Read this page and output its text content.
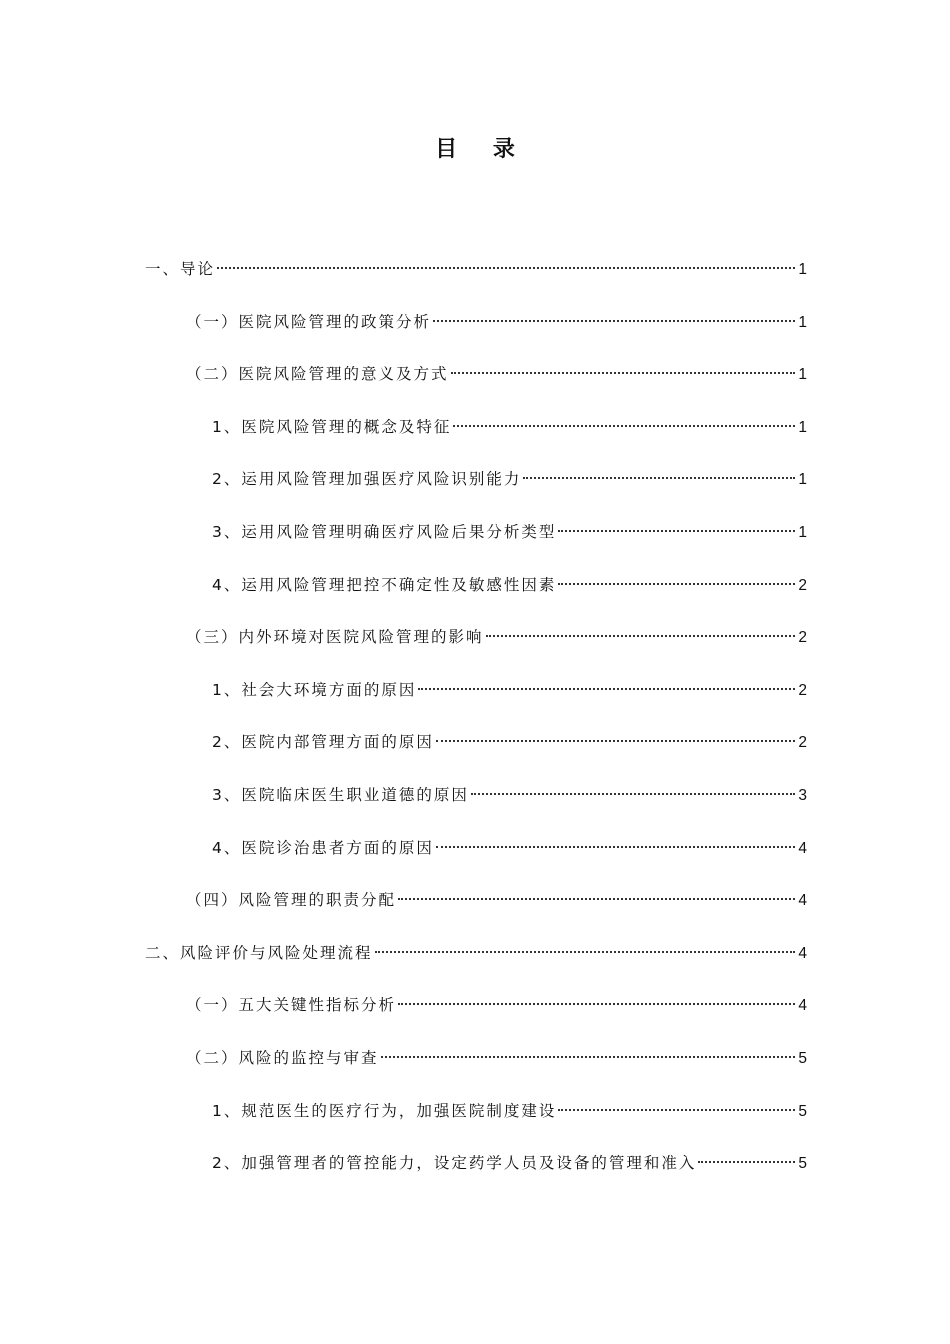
目 录
一、导论	1
（一）医院风险管理的政策分析	1
（二）医院风险管理的意义及方式	1
1、医院风险管理的概念及特征	1
2、运用风险管理加强医疗风险识别能力	1
3、运用风险管理明确医疗风险后果分析类型	1
4、运用风险管理把控不确定性及敏感性因素	2
（三）内外环境对医院风险管理的影响	2
1、社会大环境方面的原因	2
2、医院内部管理方面的原因	2
3、医院临床医生职业道德的原因	3
4、医院诊治患者方面的原因	4
（四）风险管理的职责分配	4
二、风险评价与风险处理流程	4
（一）五大关键性指标分析	4
（二）风险的监控与审查	5
1、规范医生的医疗行为，加强医院制度建设	5
2、加强管理者的管控能力，设定药学人员及设备的管理和准入	5
